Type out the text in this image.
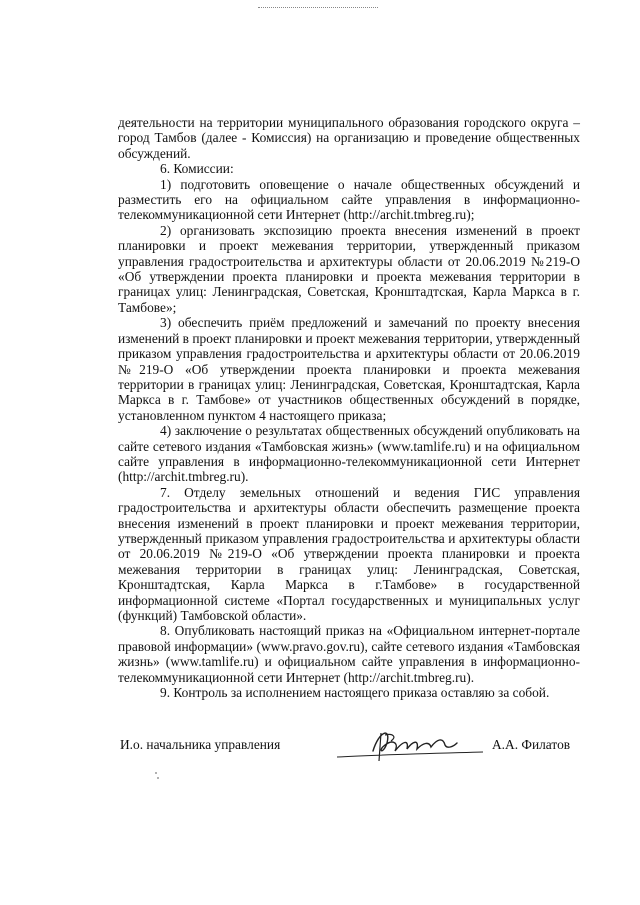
деятельности на территории муниципального образования городского округа – город Тамбов (далее - Комиссия) на организацию и проведение общественных обсуждений.

6. Комиссии:

1) подготовить оповещение о начале общественных обсуждений и разместить его на официальном сайте управления в информационно-телекоммуникационной сети Интернет (http://archit.tmbreg.ru);

2) организовать экспозицию проекта внесения изменений в проект планировки и проект межевания территории, утвержденный приказом управления градостроительства и архитектуры области от 20.06.2019 №219-О «Об утверждении проекта планировки и проекта межевания территории в границах улиц: Ленинградская, Советская, Кронштадтская, Карла Маркса в г. Тамбове»;

3) обеспечить приём предложений и замечаний по проекту внесения изменений в проект планировки и проект межевания территории, утвержденный приказом управления градостроительства и архитектуры области от 20.06.2019 №219-О «Об утверждении проекта планировки и проекта межевания территории в границах улиц: Ленинградская, Советская, Кронштадтская, Карла Маркса в г. Тамбове» от участников общественных обсуждений в порядке, установленном пунктом 4 настоящего приказа;

4) заключение о результатах общественных обсуждений опубликовать на сайте сетевого издания «Тамбовская жизнь» (www.tamlife.ru) и на официальном сайте управления в информационно-телекоммуникационной сети Интернет (http://archit.tmbreg.ru).

7. Отделу земельных отношений и ведения ГИС управления градостроительства и архитектуры области обеспечить размещение проекта внесения изменений в проект планировки и проект межевания территории, утвержденный приказом управления градостроительства и архитектуры области от 20.06.2019 №219-О «Об утверждении проекта планировки и проекта межевания территории в границах улиц: Ленинградская, Советская, Кронштадтская, Карла Маркса в г.Тамбове» в государственной информационной системе «Портал государственных и муниципальных услуг (функций) Тамбовской области».

8. Опубликовать настоящий приказ на «Официальном интернет-портале правовой информации» (www.pravo.gov.ru), сайте сетевого издания «Тамбовская жизнь» (www.tamlife.ru) и официальном сайте управления в информационно-телекоммуникационной сети Интернет (http://archit.tmbreg.ru).

9. Контроль за исполнением настоящего приказа оставляю за собой.

И.о. начальника управления	А.А. Филатов
